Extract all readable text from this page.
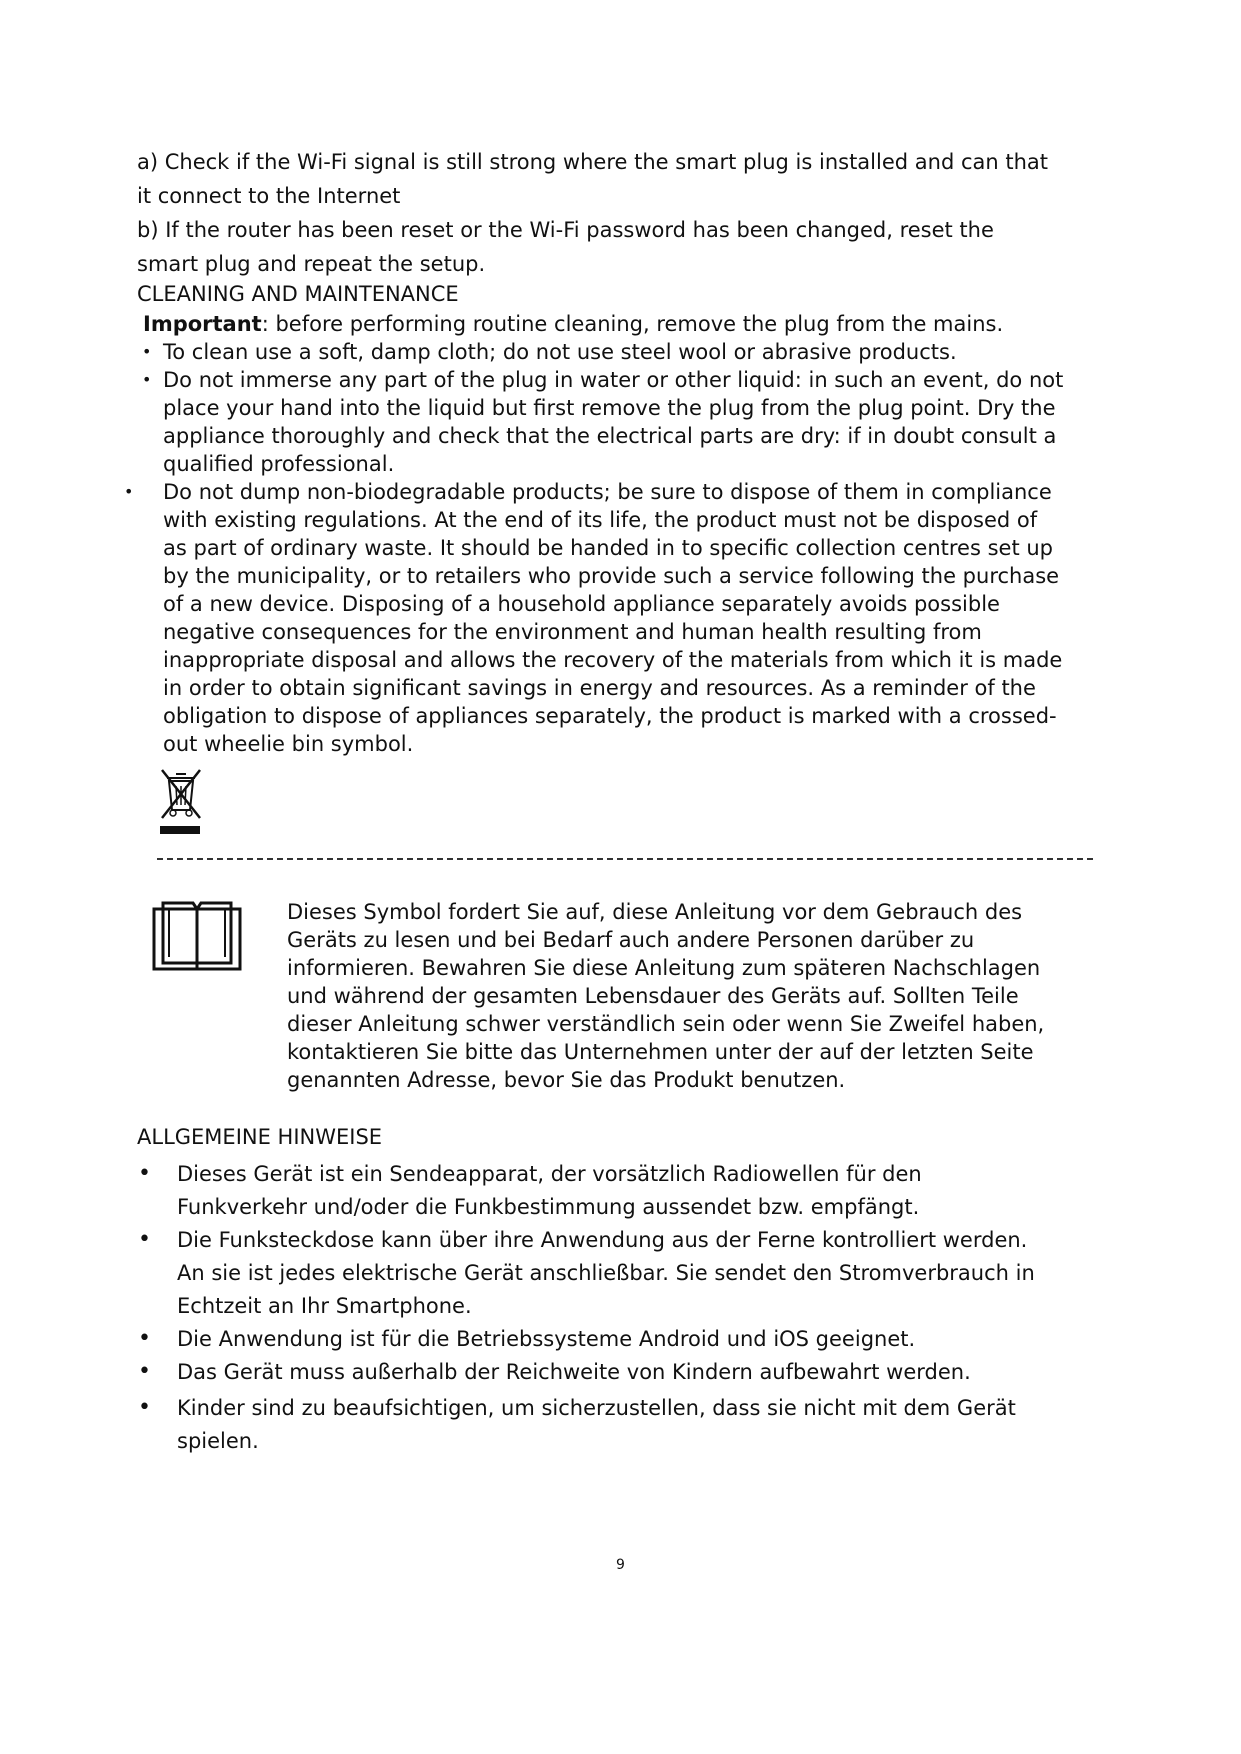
a) Check if the Wi-Fi signal is still strong where the smart plug is installed and can that
it connect to the Internet
b) If the router has been reset or the Wi-Fi password has been changed, reset the
smart plug and repeat the setup.
CLEANING AND MAINTENANCE
Important: before performing routine cleaning, remove the plug from the mains.
• To clean use a soft, damp cloth; do not use steel wool or abrasive products.
• Do not immerse any part of the plug in water or other liquid: in such an event, do not
place your hand into the liquid but first remove the plug from the plug point. Dry the
appliance thoroughly and check that the electrical parts are dry: if in doubt consult a
qualified professional.
• Do not dump non-biodegradable products; be sure to dispose of them in compliance
with existing regulations. At the end of its life, the product must not be disposed of
as part of ordinary waste. It should be handed in to specific collection centres set up
by the municipality, or to retailers who provide such a service following the purchase
of a new device. Disposing of a household appliance separately avoids possible
negative consequences for the environment and human health resulting from
inappropriate disposal and allows the recovery of the materials from which it is made
in order to obtain significant savings in energy and resources. As a reminder of the
obligation to dispose of appliances separately, the product is marked with a crossed-
out wheelie bin symbol.
Dieses Symbol fordert Sie auf, diese Anleitung vor dem Gebrauch des
Geräts zu lesen und bei Bedarf auch andere Personen darüber zu
informieren. Bewahren Sie diese Anleitung zum späteren Nachschlagen
und während der gesamten Lebensdauer des Geräts auf. Sollten Teile
dieser Anleitung schwer verständlich sein oder wenn Sie Zweifel haben,
kontaktieren Sie bitte das Unternehmen unter der auf der letzten Seite
genannten Adresse, bevor Sie das Produkt benutzen.
ALLGEMEINE HINWEISE
• Dieses Gerät ist ein Sendeapparat, der vorsätzlich Radiowellen für den
Funkverkehr und/oder die Funkbestimmung aussendet bzw. empfängt.
• Die Funksteckdose kann über ihre Anwendung aus der Ferne kontrolliert werden.
An sie ist jedes elektrische Gerät anschließbar. Sie sendet den Stromverbrauch in
Echtzeit an Ihr Smartphone.
• Die Anwendung ist für die Betriebssysteme Android und iOS geeignet.
• Das Gerät muss außerhalb der Reichweite von Kindern aufbewahrt werden.
• Kinder sind zu beaufsichtigen, um sicherzustellen, dass sie nicht mit dem Gerät
spielen.
9
